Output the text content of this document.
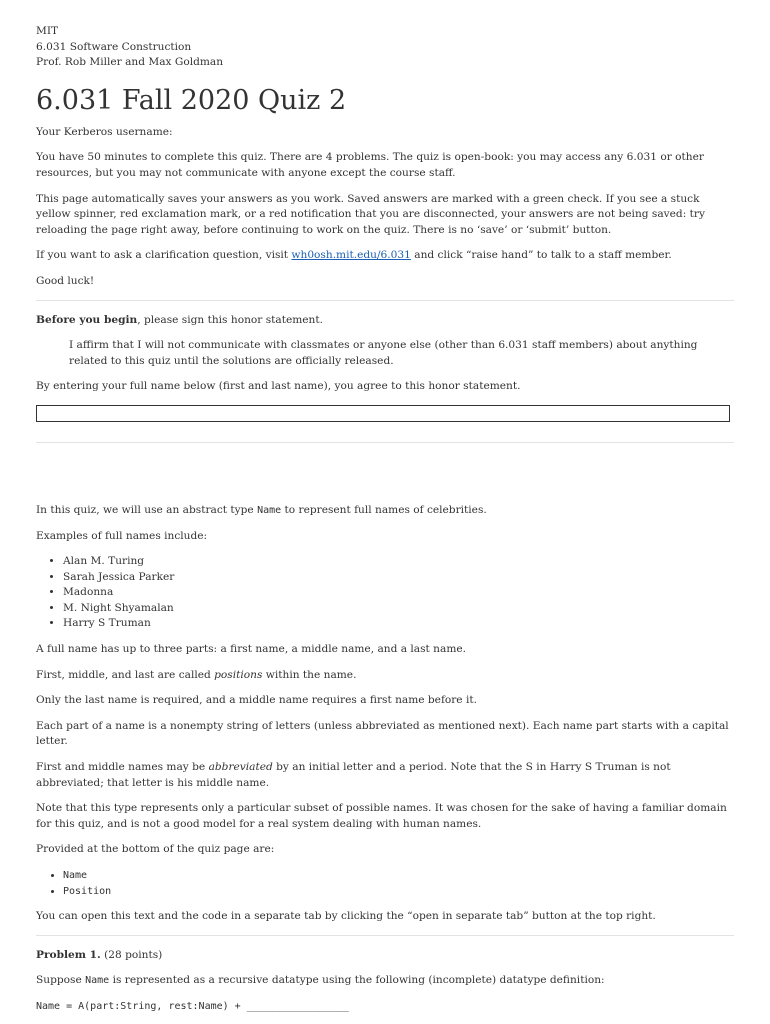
MIT
6.031 Software Construction
Prof. Rob Miller and Max Goldman
6.031 Fall 2020 Quiz 2

Your Kerberos username:

You have 50 minutes to complete this quiz. There are 4 problems. The quiz is open-book: you may access any 6.031 or other resources, but you may not communicate with anyone except the course staff.

This page automatically saves your answers as you work. Saved answers are marked with a green check. If you see a stuck yellow spinner, red exclamation mark, or a red notification that you are disconnected, your answers are not being saved: try reloading the page right away, before continuing to work on the quiz. There is no ‘save’ or ‘submit’ button.

If you want to ask a clarification question, visit wh0osh.mit.edu/6.031 and click “raise hand” to talk to a staff member.

Good luck!

Before you begin, please sign this honor statement.

I affirm that I will not communicate with classmates or anyone else (other than 6.031 staff members) about anything related to this quiz until the solutions are officially released.

By entering your full name below (first and last name), you agree to this honor statement.

In this quiz, we will use an abstract type Name to represent full names of celebrities.

Examples of full names include:

• Alan M. Turing
• Sarah Jessica Parker
• Madonna
• M. Night Shyamalan
• Harry S Truman

A full name has up to three parts: a first name, a middle name, and a last name.

First, middle, and last are called positions within the name.

Only the last name is required, and a middle name requires a first name before it.

Each part of a name is a nonempty string of letters (unless abbreviated as mentioned next). Each name part starts with a capital letter.

First and middle names may be abbreviated by an initial letter and a period. Note that the S in Harry S Truman is not abbreviated; that letter is his middle name.

Note that this type represents only a particular subset of possible names. It was chosen for the sake of having a familiar domain for this quiz, and is not a good model for a real system dealing with human names.

Provided at the bottom of the quiz page are:

• Name
• Position

You can open this text and the code in a separate tab by clicking the “open in separate tab” button at the top right.

Problem 1. (28 points)

Suppose Name is represented as a recursive datatype using the following (incomplete) datatype definition:

Name = A(part:String, rest:Name) + _________________
